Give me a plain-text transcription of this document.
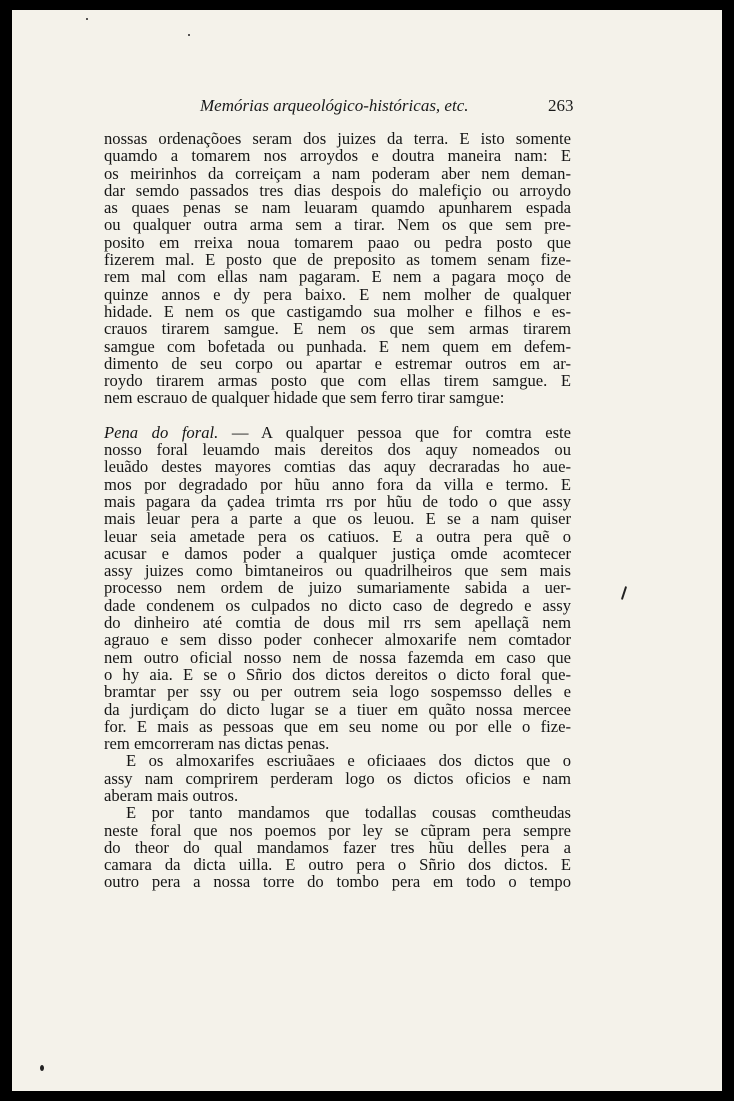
Memórias arqueológico-históricas, etc.	263
nossas ordenaçõoes seram dos juizes da terra. E isto somente
quamdo a tomarem nos arroydos e doutra maneira nam: E
os meirinhos da correiçam a nam poderam aber nem deman-
dar semdo passados tres dias despois do malefiçio ou arroydo
as quaes penas se nam leuaram quamdo apunharem espada
ou qualquer outra arma sem a tirar. Nem os que sem pre-
posito em rreixa noua tomarem paao ou pedra posto que
fizerem mal. E posto que de preposito as tomem senam fize-
rem mal com ellas nam pagaram. E nem a pagara moço de
quinze annos e dy pera baixo. E nem molher de qualquer
hidade. E nem os que castigamdo sua molher e filhos e es-
crauos tirarem samgue. E nem os que sem armas tirarem
samgue com bofetada ou punhada. E nem quem em defem-
dimento de seu corpo ou apartar e estremar outros em ar-
roydo tirarem armas posto que com ellas tirem samgue. E
nem escrauo de qualquer hidade que sem ferro tirar samgue:
Pena do foral. — A qualquer pessoa que for comtra este
nosso foral leuamdo mais dereitos dos aquy nomeados ou
leuãdo destes mayores comtias das aquy decraradas ho aue-
mos por degradado por hũu anno fora da villa e termo. E
mais pagara da çadea trimta rrs por hũu de todo o que assy
mais leuar pera a parte a que os leuou. E se a nam quiser
leuar seia ametade pera os catiuos. E a outra pera quẽ o
acusar e damos poder a qualquer justiça omde acomtecer
assy juizes como bimtaneiros ou quadrilheiros que sem mais
processo nem ordem de juizo sumariamente sabida a uer-
dade condenem os culpados no dicto caso de degredo e assy
do dinheiro até comtia de dous mil rrs sem apellaçã nem
agrauo e sem disso poder conhecer almoxarife nem comtador
nem outro oficial nosso nem de nossa fazemda em caso que
o hy aia. E se o Sñrio dos dictos dereitos o dicto foral que-
bramtar per ssy ou per outrem seia logo sospemsso delles e
da jurdiçam do dicto lugar se a tiuer em quãto nossa mercee
for. E mais as pessoas que em seu nome ou por elle o fize-
rem emcorreram nas dictas penas.
E os almoxarifes escriuãaes e oficiaaes dos dictos que o
assy nam comprirem perderam logo os dictos oficios e nam
aberam mais outros.
E por tanto mandamos que todallas cousas comtheudas
neste foral que nos poemos por ley se cũpram pera sempre
do theor do qual mandamos fazer tres hũu delles pera a
camara da dicta uilla. E outro pera o Sñrio dos dictos. E
outro pera a nossa torre do tombo pera em todo o tempo
